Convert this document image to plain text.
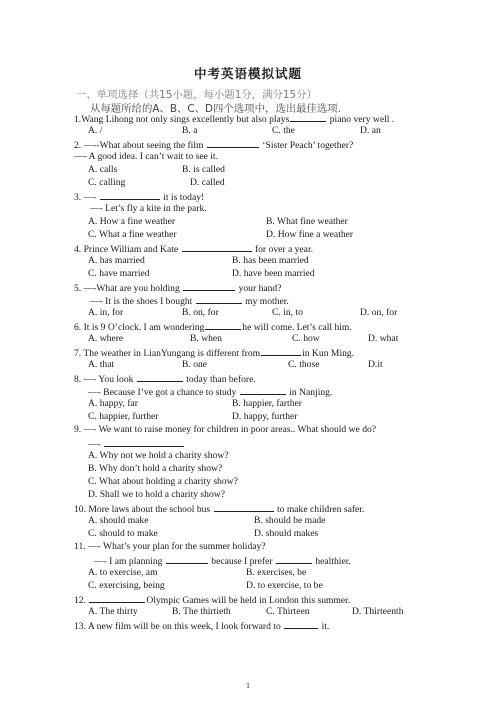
中考英语模拟试题
一、单项选择（共15小题，每小题1分，满分15分）
从每题所给的A、B、C、D四个选项中，选出最佳选项.
1.Wang Lihong not only sings excellently but also plays	piano very well .
A. /	B. a	C. the	D. an
2. —--What about seeing the film	‘Sister Peach’ together?
—- A good idea. I can’t wait to see it.
A. calls	B. is called
C. calling	D. called
3. —-	it is today!
—- Let’s fly a kite in the park.
A. How a fine weather	B. What fine weather
C. What a fine weather	D. How fine a weather
4. Prince William and Kate	for over a year.
A. has married	B. has been married
C. have married	D. have been married
5. —-What are you holding	your hand?
—- It is the shoes I bought	my mother.
A. in, for	B. on, for	C. in, to	D. on, for
6. It is 9 O’clock. I am wondering	he will come. Let’s call him.
A. where	B. when	C. how	D. what
7. The weather in LianYungang is different from	in Kun Ming.
A. that	B. one	C. those	D.it
8. —- You look	today than before.
—- Because I’ve got a chance to study	in Nanjing.
A. happy, far	B. happier, farther
C. happier, further	D. happy, further
9. —- We want to raise money for children in poor areas.. What should we do?
—-
A. Why not we hold a charity show?
B. Why don’t hold a charity show?
C. What about holding a charity show?
D. Shall we to hold a charity show?
10. More laws about the school bus	to make children safer.
A. should make	B. should be made
C. should to make	D. should makes
11. —- What’s your plan for the summer holiday?
—- I am planning	because I prefer	healthier.
A. to exercise, am	B. exercises, be
C. exercising, being	D. to exercise, to be
12.	Olympic Games will be held in London this summer.
A. The thirty	B. The thirtieth	C. Thirteen	D. Thirteenth
13. A new film will be on this week, I look forward to	it.
1
